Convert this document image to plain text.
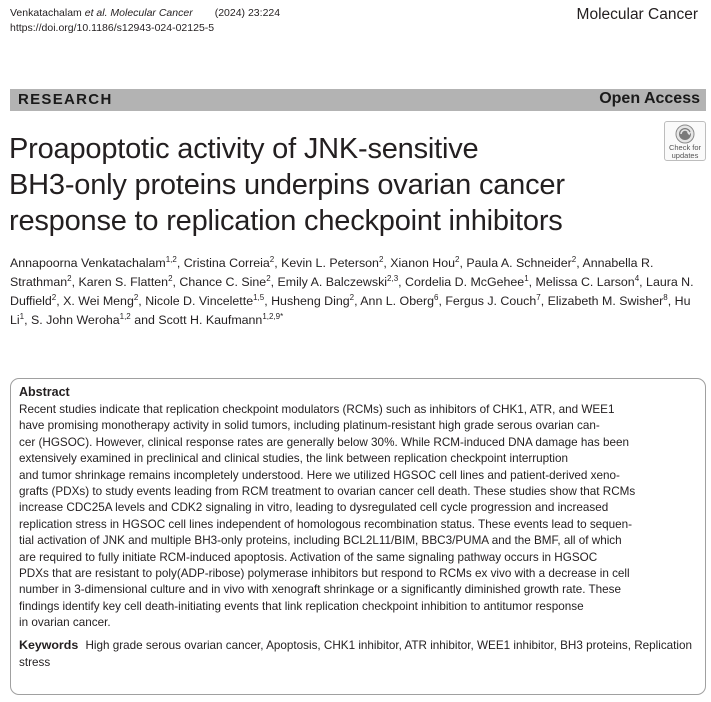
Venkatachalam et al. Molecular Cancer (2024) 23:224
https://doi.org/10.1186/s12943-024-02125-5
Molecular Cancer
RESEARCH	Open Access
Check for
updates
Proapoptotic activity of JNK-sensitive
BH3-only proteins underpins ovarian cancer
response to replication checkpoint inhibitors
Annapoorna Venkatachalam$^{1,2}$, Cristina Correia$^2$, Kevin L. Peterson$^2$, Xianon Hou$^2$, Paula A. Schneider$^2$, Annabella R. Strathman$^2$, Karen S. Flatten$^2$, Chance C. Sine$^2$, Emily A. Balczewski$^{2,3}$, Cordelia D. McGehee$^1$, Melissa C. Larson$^4$, Laura N. Duffield$^2$, X. Wei Meng$^2$, Nicole D. Vincelette$^{1,5}$, Husheng Ding$^2$, Ann L. Oberg$^6$, Fergus J. Couch$^7$, Elizabeth M. Swisher$^8$, Hu Li$^1$, S. John Weroha$^{1,2}$ and Scott H. Kaufmann$^{1,2,9*}$
Abstract
Recent studies indicate that replication checkpoint modulators (RCMs) such as inhibitors of CHK1, ATR, and WEE1
have promising monotherapy activity in solid tumors, including platinum-resistant high grade serous ovarian can-
cer (HGSOC). However, clinical response rates are generally below 30%. While RCM-induced DNA damage has been
extensively examined in preclinical and clinical studies, the link between replication checkpoint interruption
and tumor shrinkage remains incompletely understood. Here we utilized HGSOC cell lines and patient-derived xeno-
grafts (PDXs) to study events leading from RCM treatment to ovarian cancer cell death. These studies show that RCMs
increase CDC25A levels and CDK2 signaling in vitro, leading to dysregulated cell cycle progression and increased
replication stress in HGSOC cell lines independent of homologous recombination status. These events lead to sequen-
tial activation of JNK and multiple BH3-only proteins, including BCL2L11/BIM, BBC3/PUMA and the BMF, all of which
are required to fully initiate RCM-induced apoptosis. Activation of the same signaling pathway occurs in HGSOC
PDXs that are resistant to poly(ADP-ribose) polymerase inhibitors but respond to RCMs ex vivo with a decrease in cell
number in 3-dimensional culture and in vivo with xenograft shrinkage or a significantly diminished growth rate. These
findings identify key cell death-initiating events that link replication checkpoint inhibition to antitumor response
in ovarian cancer.
Keywords High grade serous ovarian cancer, Apoptosis, CHK1 inhibitor, ATR inhibitor, WEE1 inhibitor, BH3 proteins, Replication stress
